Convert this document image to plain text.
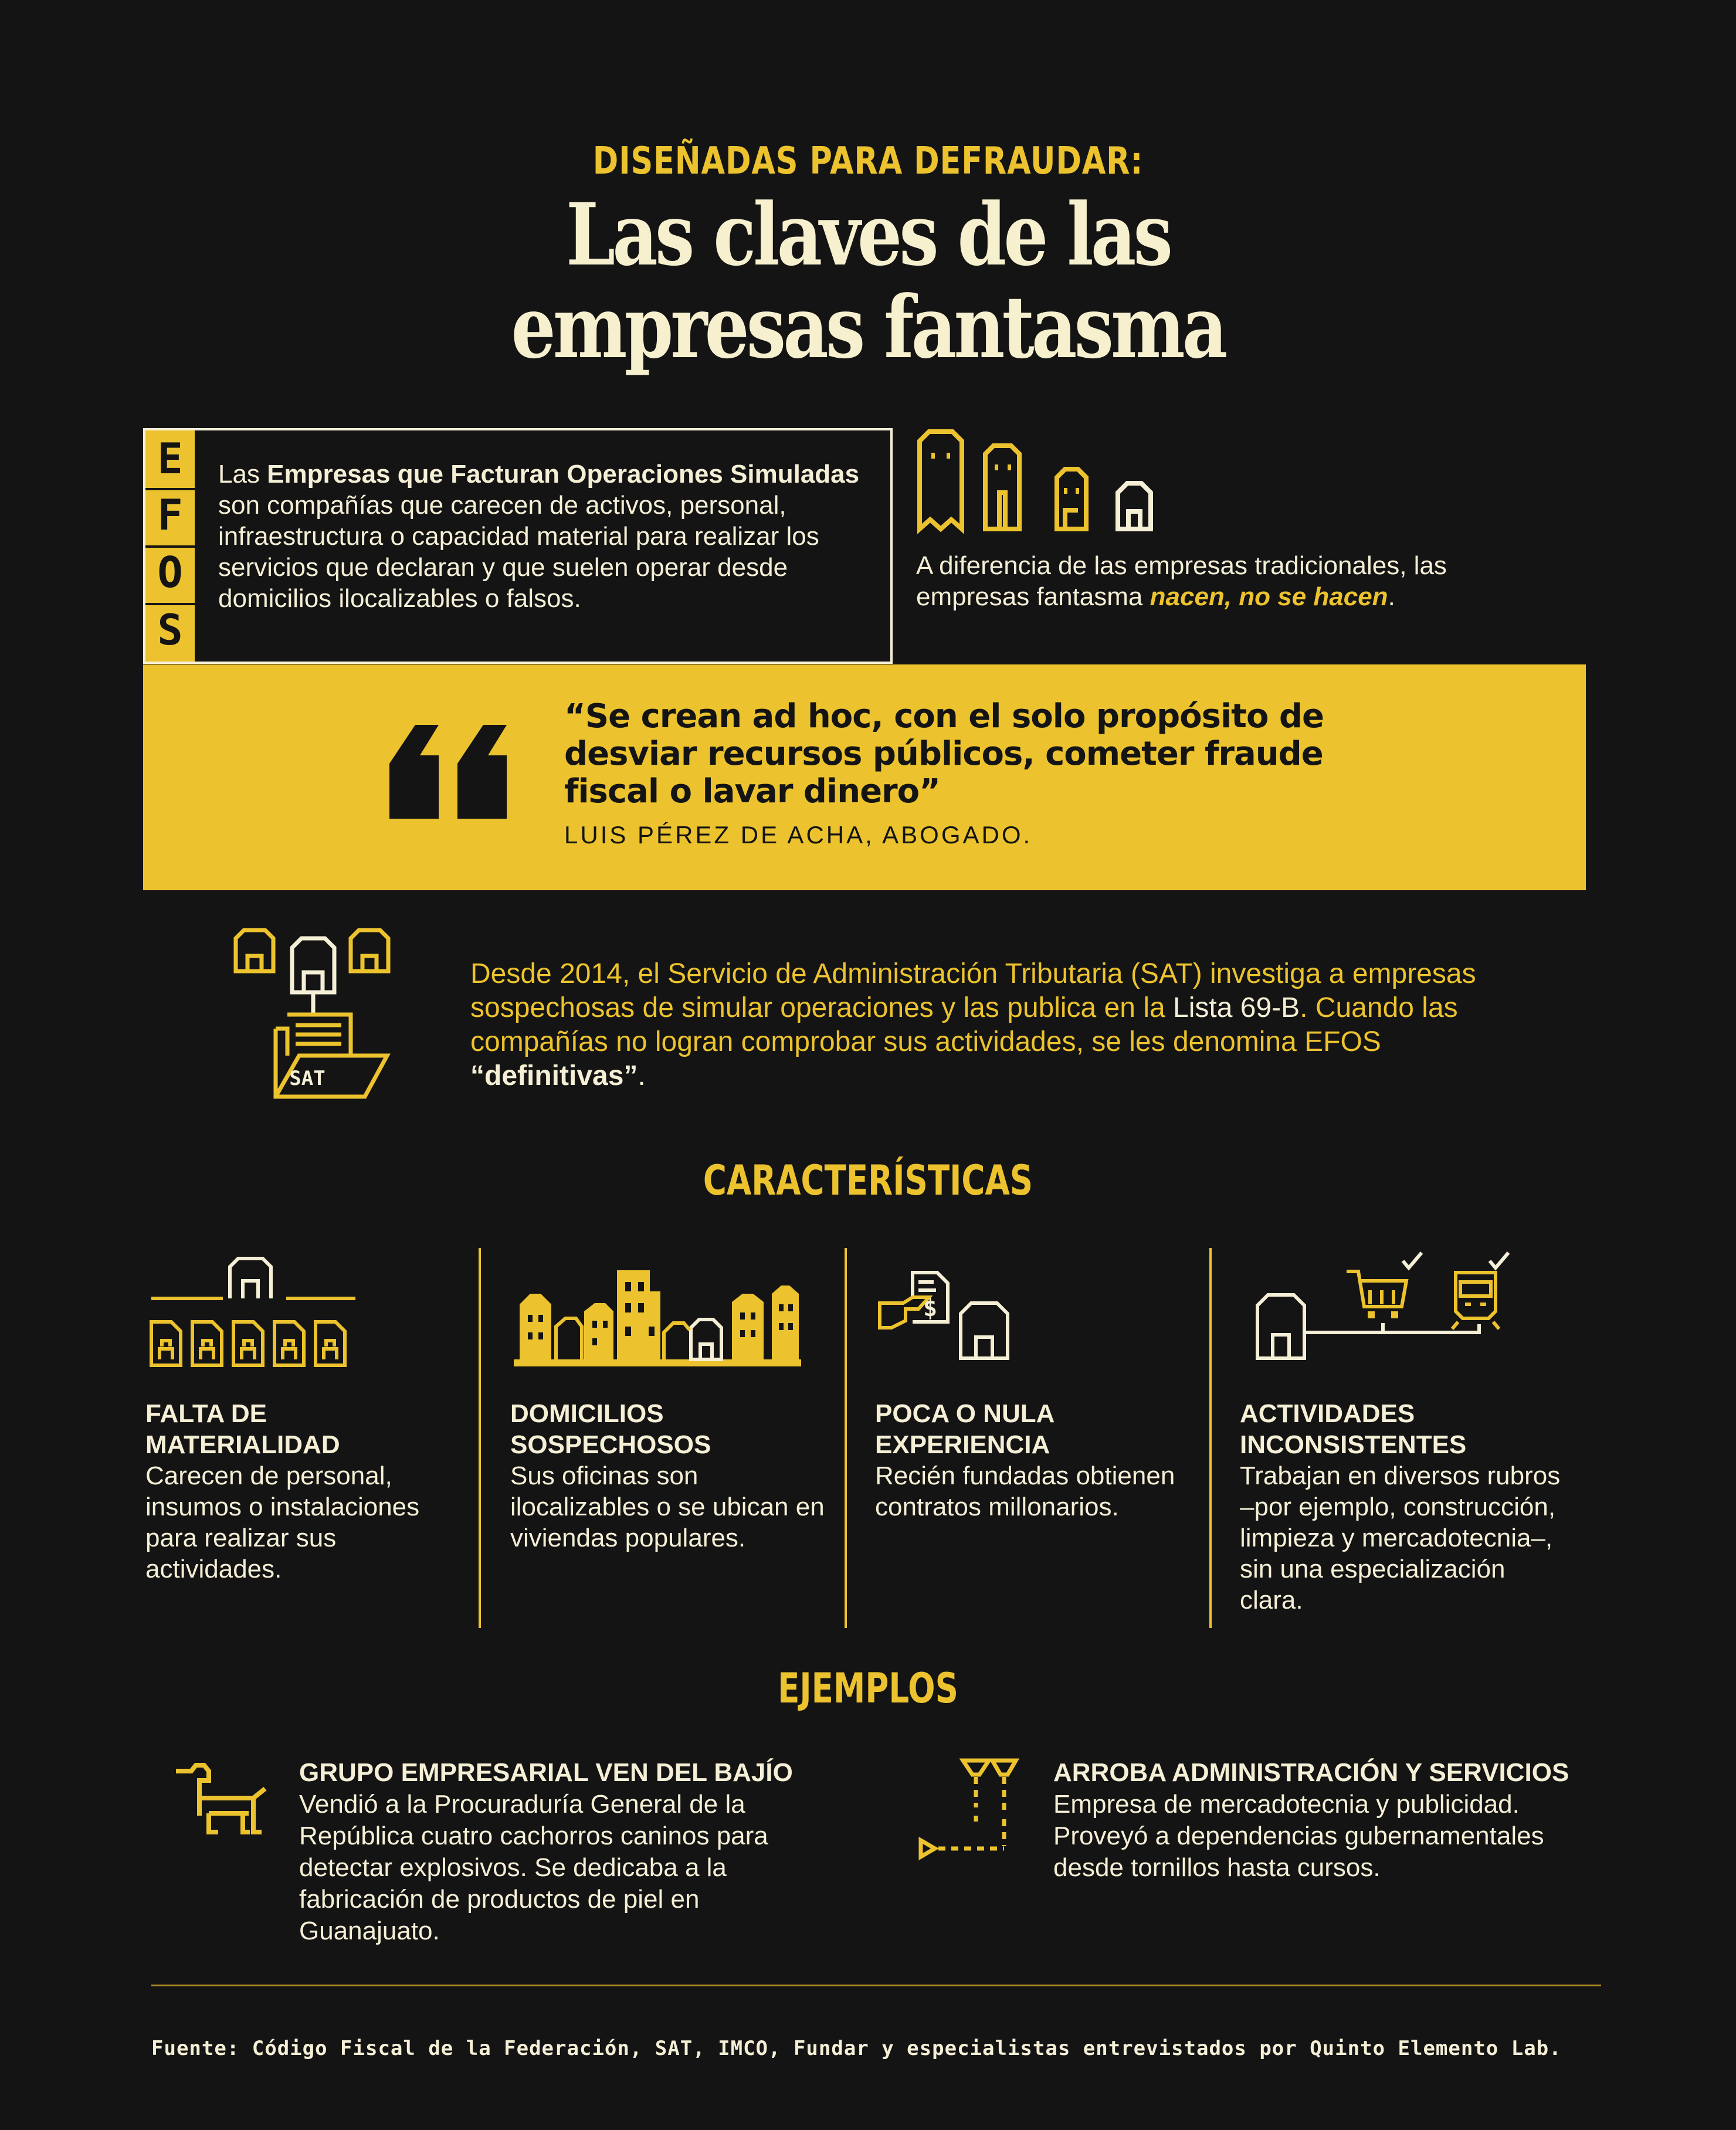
DISEÑADAS PARA DEFRAUDAR:
Las claves de las
empresas fantasma
E
F
O
S
Las Empresas que Facturan Operaciones Simuladas son compañías que carecen de activos, personal, infraestructura o capacidad material para realizar los servicios que declaran y que suelen operar desde domicilios ilocalizables o falsos.
A diferencia de las empresas tradicionales, las empresas fantasma nacen, no se hacen.
“Se crean ad hoc, con el solo propósito de desviar recursos públicos, cometer fraude fiscal o lavar dinero”
LUIS PÉREZ DE ACHA, ABOGADO.
SAT
Desde 2014, el Servicio de Administración Tributaria (SAT) investiga a empresas sospechosas de simular operaciones y las publica en la Lista 69-B. Cuando las compañías no logran comprobar sus actividades, se les denomina EFOS “definitivas”.
CARACTERÍSTICAS
$
FALTA DE MATERIALIDAD
Carecen de personal, insumos o instalaciones para realizar sus actividades.
DOMICILIOS SOSPECHOSOS
Sus oficinas son ilocalizables o se ubican en viviendas populares.
POCA O NULA EXPERIENCIA
Recién fundadas obtienen contratos millonarios.
ACTIVIDADES INCONSISTENTES
Trabajan en diversos rubros –por ejemplo, construcción, limpieza y mercadotecnia–, sin una especialización clara.
EJEMPLOS
GRUPO EMPRESARIAL VEN DEL BAJÍO
Vendió a la Procuraduría General de la República cuatro cachorros caninos para detectar explosivos. Se dedicaba a la fabricación de productos de piel en Guanajuato.
ARROBA ADMINISTRACIÓN Y SERVICIOS
Empresa de mercadotecnia y publicidad. Proveyó a dependencias gubernamentales desde tornillos hasta cursos.
Fuente: Código Fiscal de la Federación, SAT, IMCO, Fundar y especialistas entrevistados por Quinto Elemento Lab.
